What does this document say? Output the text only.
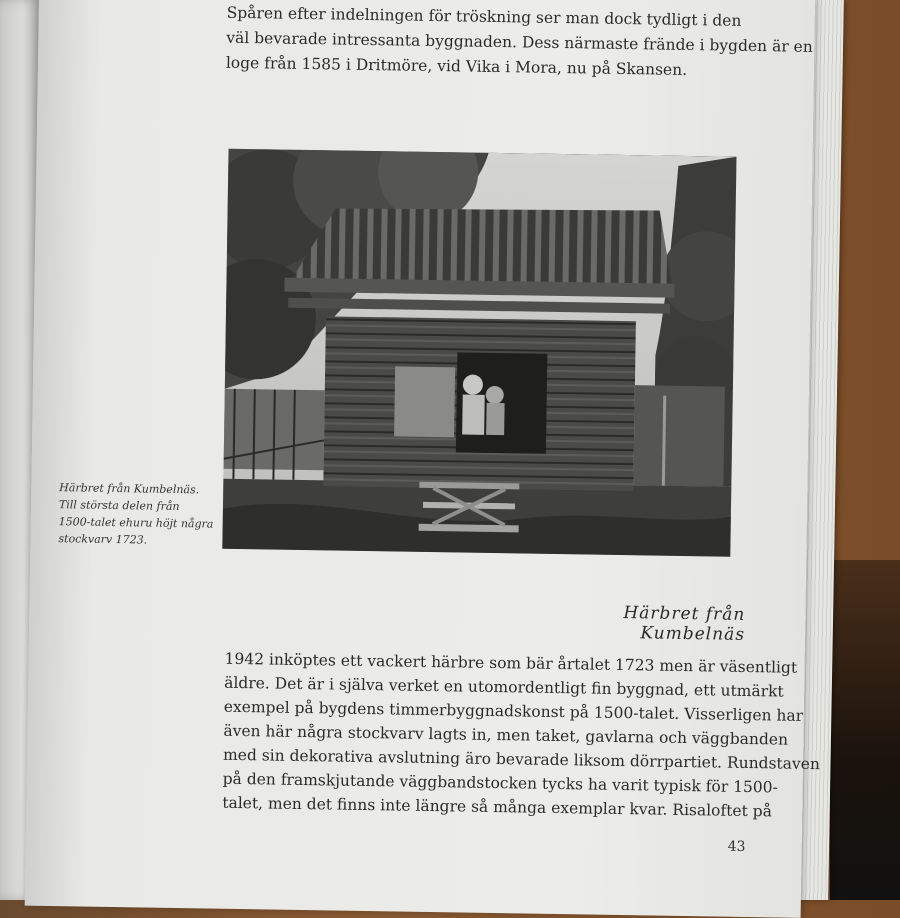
Spåren efter indelningen för tröskning ser man dock tydligt i den
väl bevarade intressanta byggnaden. Dess närmaste frände i bygden är en
loge från 1585 i Dritmöre, vid Vika i Mora, nu på Skansen.
Härbret från Kumbelnäs.
Till största delen från
1500-talet ehuru höjt några
stockvarv 1723.
Härbret från Kumbelnäs
1942 inköptes ett vackert härbre som bär årtalet 1723 men är väsentligt
äldre. Det är i själva verket en utomordentligt fin byggnad, ett utmärkt
exempel på bygdens timmerbyggnadskonst på 1500-talet. Visserligen har
även här några stockvarv lagts in, men taket, gavlarna och väggbanden
med sin dekorativa avslutning äro bevarade liksom dörrpartiet. Rundstaven
på den framskjutande väggbandstocken tycks ha varit typisk för 1500-
talet, men det finns inte längre så många exemplar kvar. Risaloftet på
43
